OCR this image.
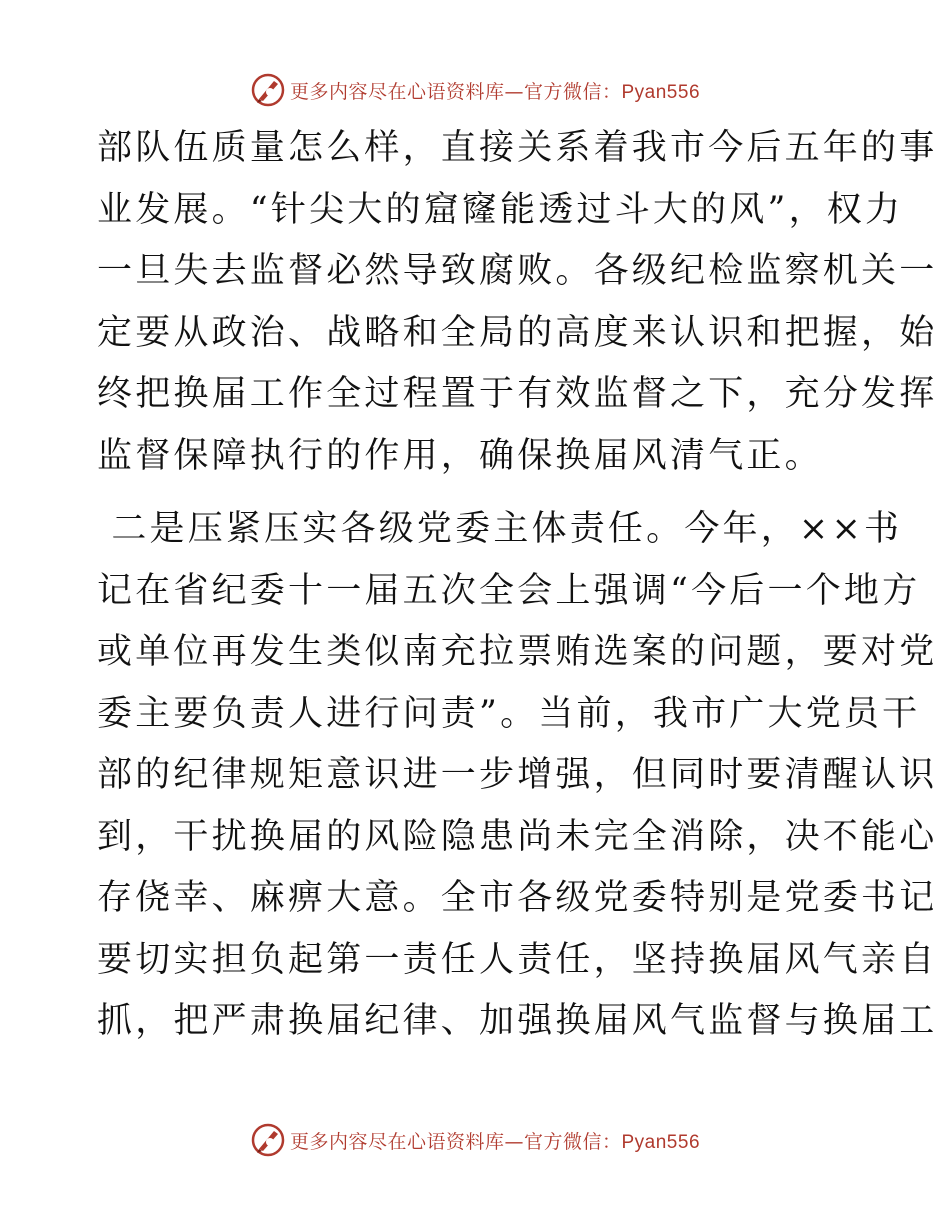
更多内容尽在心语资料库—官方微信：Pyan556
部队伍质量怎么样，直接关系着我市今后五年的事
业发展。“针尖大的窟窿能透过斗大的风”，权力
一旦失去监督必然导致腐败。各级纪检监察机关一
定要从政治、战略和全局的高度来认识和把握，始
终把换届工作全过程置于有效监督之下，充分发挥
监督保障执行的作用，确保换届风清气正。
二是压紧压实各级党委主体责任。今年，××书
记在省纪委十一届五次全会上强调“今后一个地方
或单位再发生类似南充拉票贿选案的问题，要对党
委主要负责人进行问责”。当前，我市广大党员干
部的纪律规矩意识进一步增强，但同时要清醒认识
到，干扰换届的风险隐患尚未完全消除，决不能心
存侥幸、麻痹大意。全市各级党委特别是党委书记
要切实担负起第一责任人责任，坚持换届风气亲自
抓，把严肃换届纪律、加强换届风气监督与换届工
更多内容尽在心语资料库—官方微信：Pyan556
